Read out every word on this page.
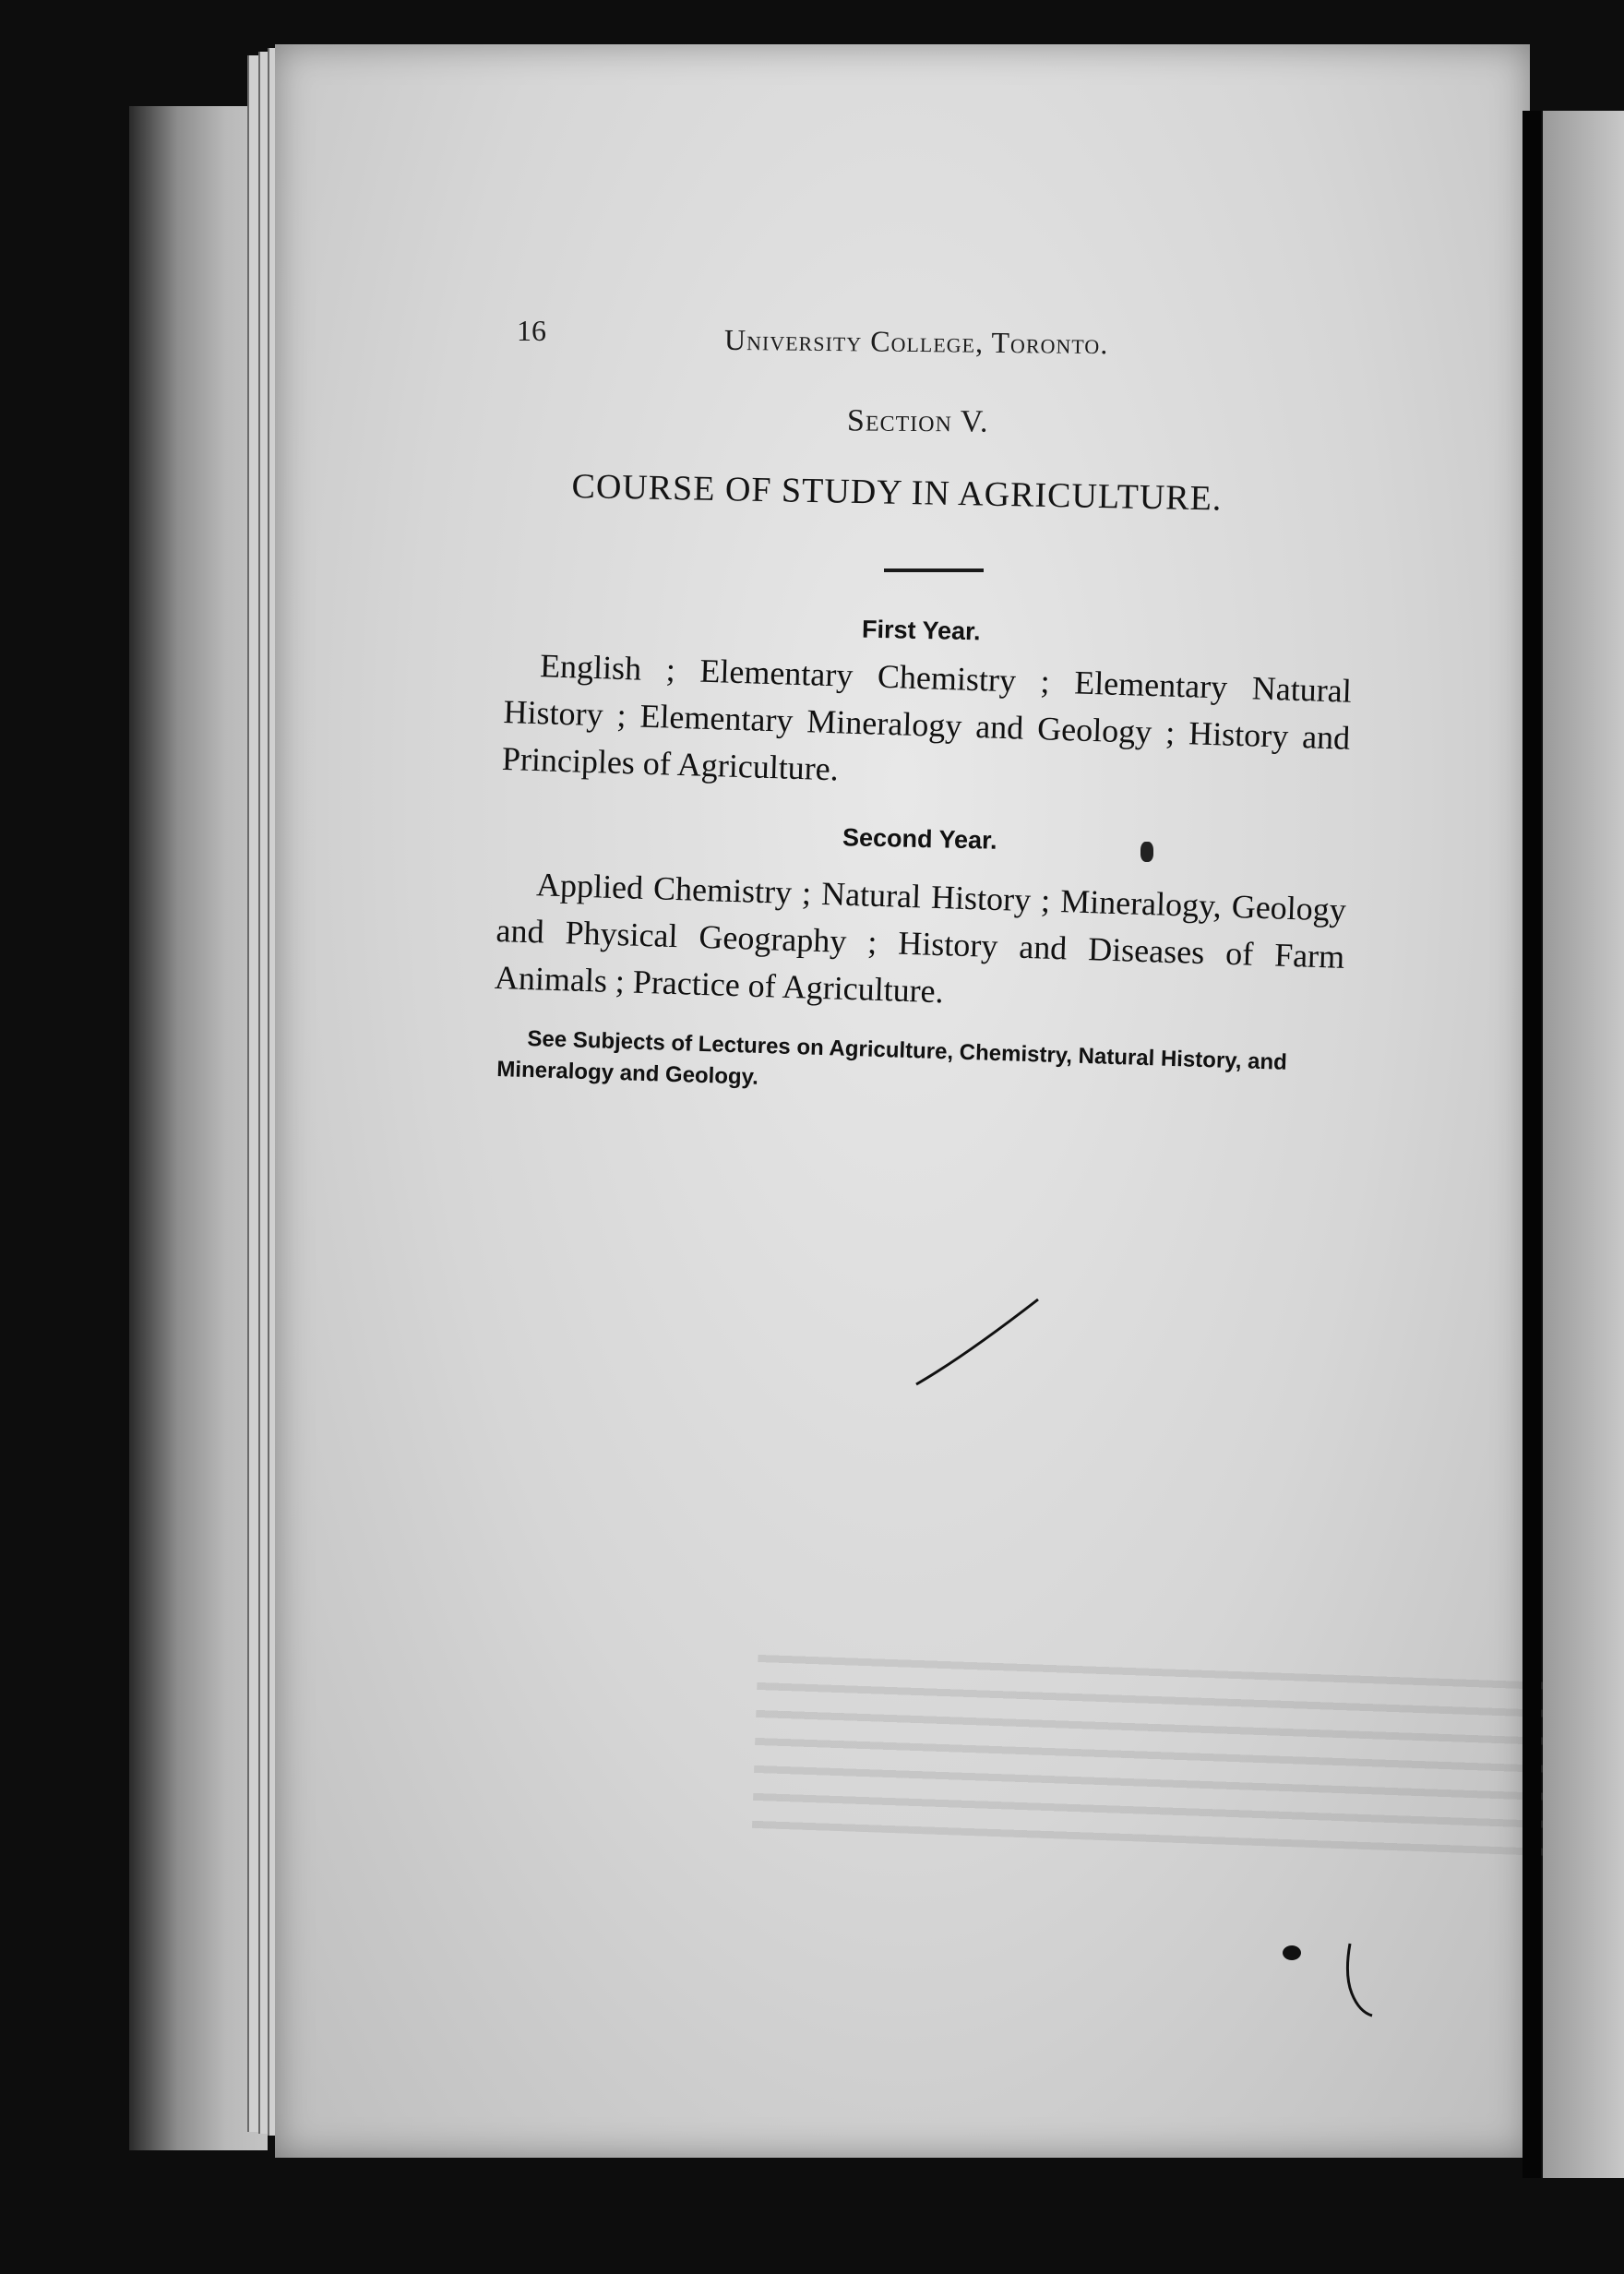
16	University College, Toronto.
Section V.
COURSE OF STUDY IN AGRICULTURE.
First Year.

English ; Elementary Chemistry ; Elementary Natural History ; Elementary Mineralogy and Geology ; History and Principles of Agriculture.

Second Year.

Applied Chemistry ; Natural History ; Mineralogy, Geology and Physical Geography ; History and Diseases of Farm Animals ; Practice of Agriculture.

See Subjects of Lectures on Agriculture, Chemistry, Natural History, and Mineralogy and Geology.
